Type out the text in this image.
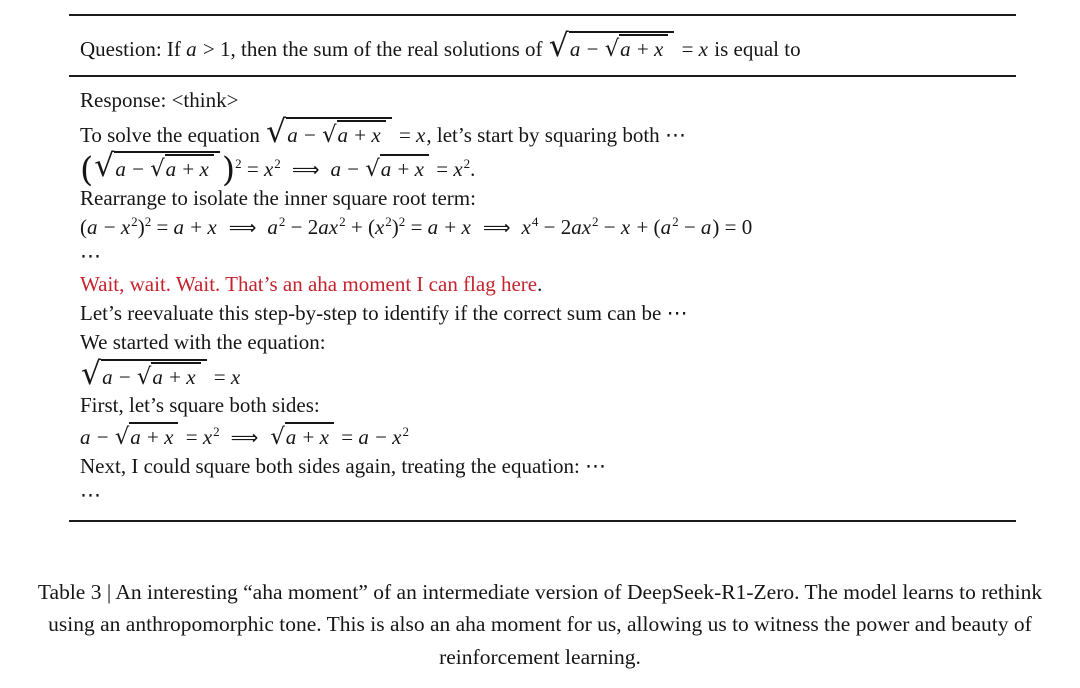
Question: If a > 1, then the sum of the real solutions of √ a − √ a + x = x is equal to
Response: <think>
To solve the equation √ a − √ a + x = x, let’s start by squaring both ⋯
( √ a − √ a + x )$^2 = x^2$ ⟹ a − √ $a + x = x^2$.
Rearrange to isolate the inner square root term:
$(a - x^2)^2 = a + x$ ⟹ $a^2 - 2ax^2 + (x^2)^2 = a + x$ ⟹ $x^4 - 2ax^2 - x + (a^2 - a) = 0$
⋯
Wait, wait. Wait. That’s an aha moment I can flag here.
Let’s reevaluate this step-by-step to identify if the correct sum can be ⋯
We started with the equation:
√ a − √ a + x = x
First, let’s square both sides:
a − √ $a + x = x^2$ ⟹ √ $a + x = a - x^2$
Next, I could square both sides again, treating the equation: ⋯
⋯
Table 3 | An interesting “aha moment” of an intermediate version of DeepSeek-R1-Zero. The model learns to rethink using an anthropomorphic tone. This is also an aha moment for us, allowing us to witness the power and beauty of reinforcement learning.
